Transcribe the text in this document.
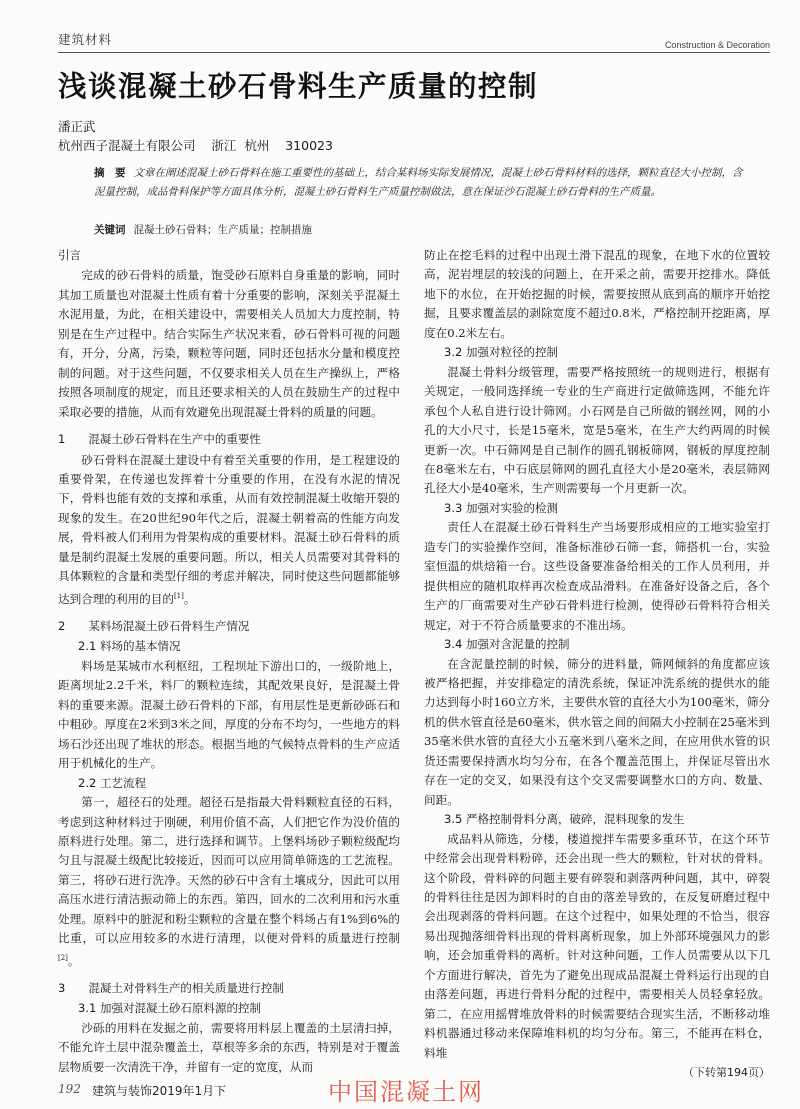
建筑材料	Construction & Decoration
浅谈混凝土砂石骨料生产质量的控制
潘正武
杭州西子混凝土有限公司    浙江  杭州    310023
摘　要 文章在阐述混凝土砂石骨料在施工重要性的基础上，结合某料场实际发展情况，混凝土砂石骨料材料的选择，颗粒直径大小控制，含泥量控制，成品骨料保护等方面具体分析，混凝土砂石骨料生产质量控制做法，意在保证沙石混凝土砂石骨料的生产质量。
关键词 混凝土砂石骨料；生产质量；控制措施
引言

完成的砂石骨料的质量，饱受砂石原料自身重量的影响，同时其加工质量也对混凝土性质有着十分重要的影响，深刻关乎混凝土水泥用量，为此，在相关建设中，需要相关人员加大力度控制，特别是在生产过程中。结合实际生产状况来看，砂石骨料可视的问题有，开分，分离，污染，颗粒等问题，同时还包括水分量和模度控制的问题。对于这些问题，不仅要求相关人员在生产操纵上，严格按照各项制度的规定，而且还要求相关的人员在鼓励生产的过程中采取必要的措施，从而有效避免出现混凝土骨料的质量的问题。

1　　混凝土砂石骨料在生产中的重要性

砂石骨料在混凝土建设中有着至关重要的作用，是工程建设的重要骨架，在传递也发挥着十分重要的作用，在没有水泥的情况下，骨料也能有效的支撑和承重，从而有效控制混凝土收缩开裂的现象的发生。在20世纪90年代之后，混凝土朝着高的性能方向发展，骨料被人们利用为骨架构成的重要材料。混凝土砂石骨料的质量是制约混凝土发展的重要问题。所以，相关人员需要对其骨料的具体颗粒的含量和类型仔细的考虑并解决，同时使这些问题都能够达到合理的利用的目的[1]。

2　　某料场混凝土砂石骨料生产情况
2.1 料场的基本情况

料场是某城市水利枢纽，工程坝址下游出口的，一级阶地上，距离坝址2.2千米，料厂的颗粒连续，其配效果良好，是混凝土骨料的重要来源。混凝土砂石骨料的下部，有用层性是更新砂砾石和中粗砂。厚度在2米到3米之间，厚度的分布不均匀，一些地方的料场石沙还出现了堆状的形态。根据当地的气候特点骨料的生产应适用于机械化的生产。

2.2 工艺流程

第一，超径石的处理。超径石是指最大骨料颗粒直径的石料，考虑到这种材料过于刚硬，利用价值不高，人们把它作为没价值的原料进行处理。第二，进行选择和调节。上堡料场砂子颗粒级配均匀且与混凝土级配比较接近，因而可以应用简单筛选的工艺流程。第三，将砂石进行洗净。天然的砂石中含有土壤成分，因此可以用高压水进行清洁振动筛上的东西。第四，回水的二次利用和污水重处理。原料中的脏泥和粉尘颗粒的含量在整个料场占有1%到6%的比重，可以应用较多的水进行清理，以便对骨料的质量进行控制[2]。

3　　混凝土对骨料生产的相关质量进行控制
3.1 加强对混凝土砂石原料源的控制

沙砾的用料在发掘之前，需要将用料层上覆盖的土层清扫掉，不能允许土层中混杂覆盖土，草根等多余的东西，特别是对于覆盖层物质要一次清洗干净，并留有一定的宽度，从而

防止在挖毛料的过程中出现土滑下混乱的现象，在地下水的位置较高，泥岩埋层的较浅的问题上，在开采之前，需要开挖排水。降低地下的水位，在开始挖掘的时候，需要按照从底到高的顺序开始挖掘，且要求覆盖层的剥除宽度不超过0.8米，严格控制开挖距离，厚度在0.2米左右。

3.2 加强对粒径的控制

混凝土骨料分级管理，需要严格按照统一的规则进行，根据有关规定，一般同选择统一专业的生产商进行定做筛选网，不能允许承包个人私自进行设计筛网。小石网是自己所做的钢丝网，网的小孔的大小尺寸，长是15毫米，宽是5毫米，在生产大约两周的时候更新一次。中石筛网是自己制作的圆孔钢板筛网，钢板的厚度控制在8毫米左右，中石底层筛网的圆孔直径大小是20毫米，表层筛网孔径大小是40毫米，生产则需要每一个月更新一次。

3.3 加强对实验的检测

责任人在混凝土砂石骨料生产当场要形成相应的工地实验室打造专门的实验操作空间，准备标准砂石筛一套，筛搭机一台，实验室恒温的烘焙箱一台。这些设备要准备给相关的工作人员利用，并提供相应的随机取样再次检查成品滑料。在准备好设备之后，各个生产的厂商需要对生产砂石骨料进行检测，使得砂石骨料符合相关规定，对于不符合质量要求的不准出场。

3.4 加强对含泥量的控制

在含泥量控制的时候，筛分的进料量，筛网倾斜的角度都应该被严格把握，并安排稳定的清洗系统，保证冲洗系统的提供水的能力达到每小时160立方米，主要供水管的直径大小为100毫米，筛分机的供水管直径是60毫米，供水管之间的间隔大小控制在25毫米到35毫米供水管的直径大小五毫米到八毫米之间，在应用供水管的识货还需要保持洒水均匀分布，在各个覆盖范围上，并保证尽管出水存在一定的交叉，如果没有这个交叉需要调整水口的方向、数量、间距。

3.5 严格控制骨料分离，破碎，混料现象的发生

成品料从筛选，分楼，楼道搅拌车需要多重环节，在这个环节中经常会出现骨料粉碎，还会出现一些大的颗粒，针对状的骨料。这个阶段，骨料碎的问题主要有碎裂和剥落两种问题，其中，碎裂的骨料往往是因为卸料时的自由的落差导致的，在反复研磨过程中会出现剥落的骨料问题。在这个过程中，如果处理的不恰当，很容易出现抛落细骨料出现的骨料离析现象，加上外部环境强风力的影响，还会加重骨料的离析。针对这种问题，工作人员需要从以下几个方面进行解决，首先为了避免出现成品混凝土骨料运行出现的自由落差问题，再进行骨料分配的过程中，需要相关人员轻拿轻放。第二，在应用摇臂堆放骨料的时候需要结合现实生活，不断移动堆料机器通过移动来保障堆料机的均匀分布。第三，不能再在料仓，料堆

（下转第194页）
192 建筑与装饰2019年1月下	中国混凝土网
